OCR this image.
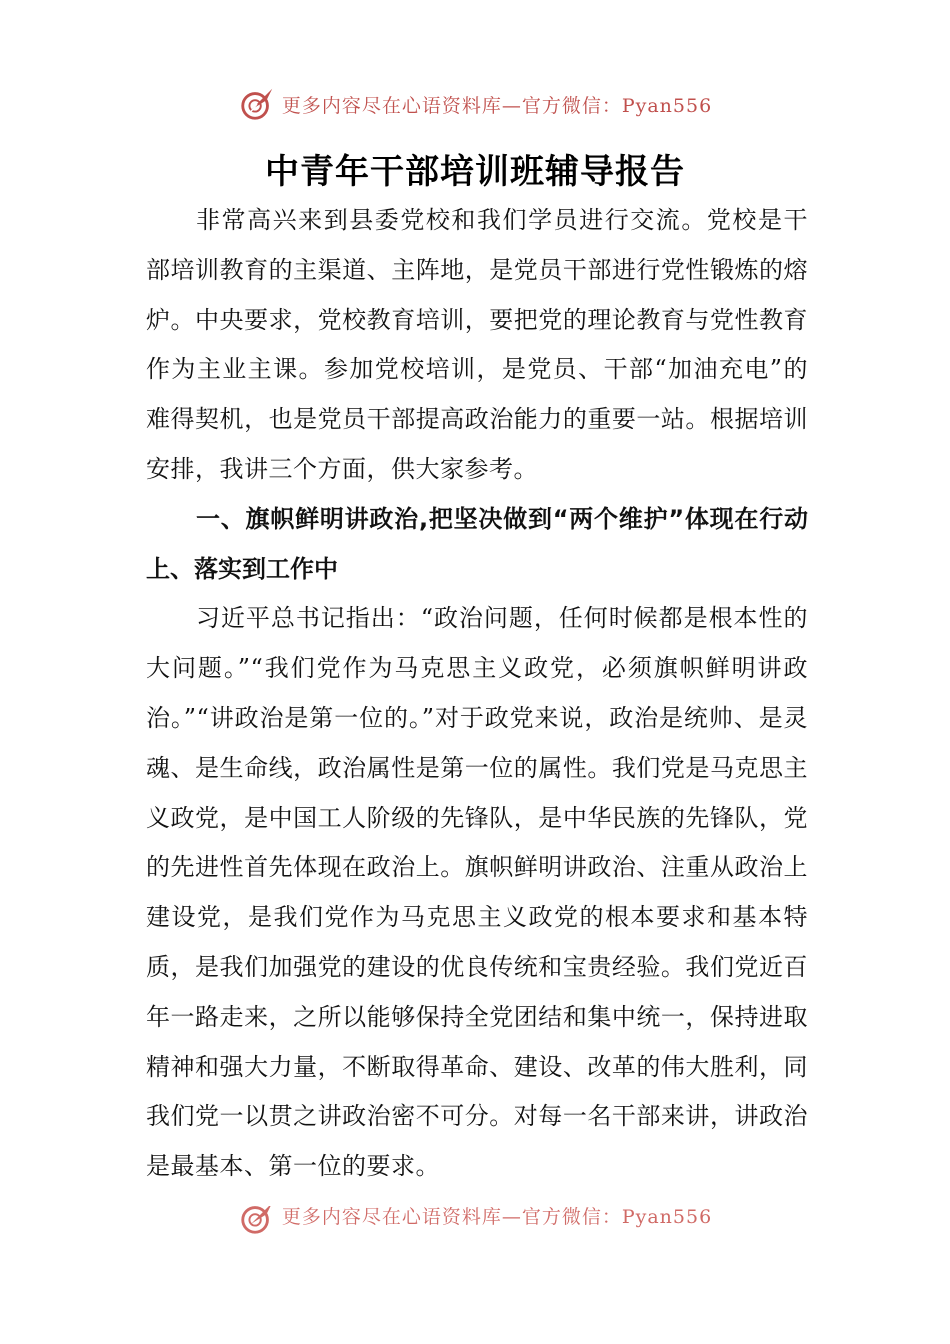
更多内容尽在心语资料库—官方微信：Pyan556
中青年干部培训班辅导报告

非常高兴来到县委党校和我们学员进行交流。党校是干部培训教育的主渠道、主阵地，是党员干部进行党性锻炼的熔炉。中央要求，党校教育培训，要把党的理论教育与党性教育作为主业主课。参加党校培训，是党员、干部“加油充电”的难得契机，也是党员干部提高政治能力的重要一站。根据培训安排，我讲三个方面，供大家参考。

一、旗帜鲜明讲政治,把坚决做到“两个维护”体现在行动上、落实到工作中

习近平总书记指出：“政治问题，任何时候都是根本性的大问题。”“我们党作为马克思主义政党，必须旗帜鲜明讲政治。”“讲政治是第一位的。”对于政党来说，政治是统帅、是灵魂、是生命线，政治属性是第一位的属性。我们党是马克思主义政党，是中国工人阶级的先锋队，是中华民族的先锋队，党的先进性首先体现在政治上。旗帜鲜明讲政治、注重从政治上建设党，是我们党作为马克思主义政党的根本要求和基本特质，是我们加强党的建设的优良传统和宝贵经验。我们党近百年一路走来，之所以能够保持全党团结和集中统一，保持进取精神和强大力量，不断取得革命、建设、改革的伟大胜利，同我们党一以贯之讲政治密不可分。对每一名干部来讲，讲政治是最基本、第一位的要求。

更多内容尽在心语资料库—官方微信：Pyan556
